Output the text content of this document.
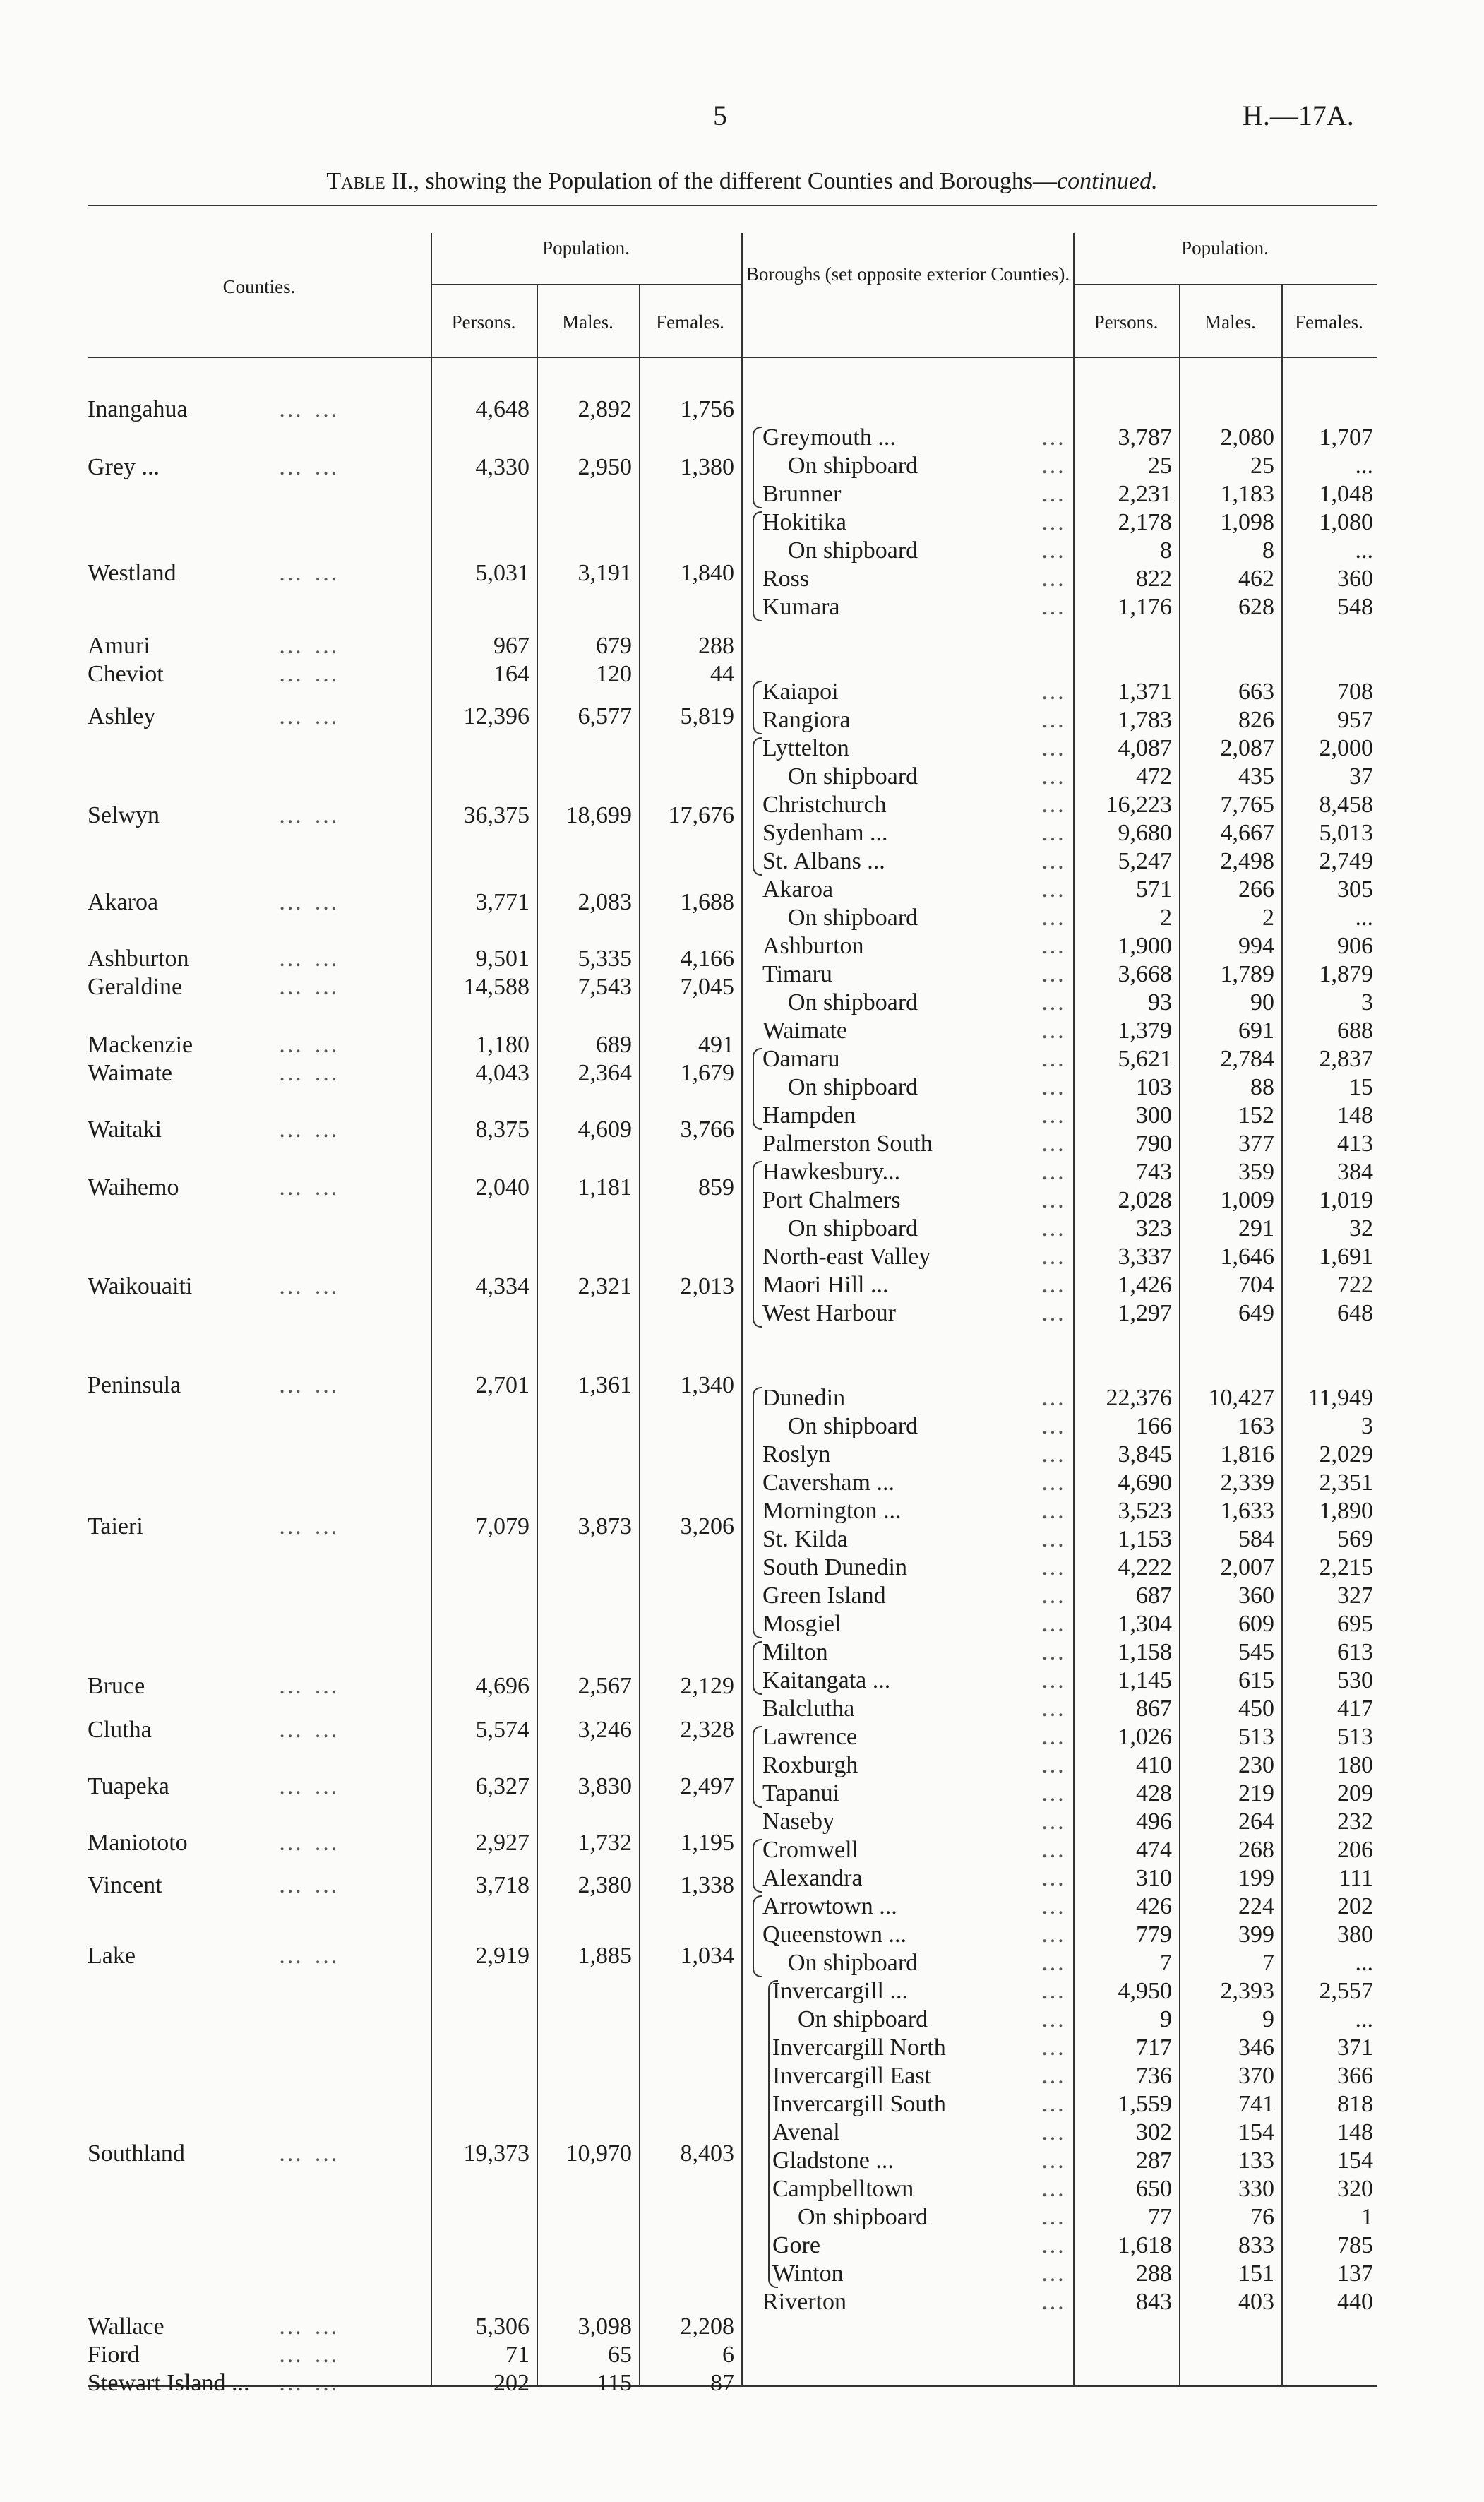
5	H.—17A.
Table II., showing the Population of the different Counties and Boroughs—continued.
Counties.
Population.
Persons.	Males.	Females.
Boroughs (set opposite exterior Counties).
Population.
Persons.	Males.	Females.
Inangahua	… …	4,648	2,892	1,756
Grey ...	… …	4,330	2,950	1,380
Westland	… …	5,031	3,191	1,840
Amuri	… …	967	679	288
Cheviot	… …	164	120	44
Ashley	… …	12,396	6,577	5,819
Selwyn	… …	36,375	18,699	17,676
Akaroa	… …	3,771	2,083	1,688
Ashburton	… …	9,501	5,335	4,166
Geraldine	… …	14,588	7,543	7,045
Mackenzie	… …	1,180	689	491
Waimate	… …	4,043	2,364	1,679
Waitaki	… …	8,375	4,609	3,766
Waihemo	… …	2,040	1,181	859
Waikouaiti	… …	4,334	2,321	2,013
Peninsula	… …	2,701	1,361	1,340
Taieri	… …	7,079	3,873	3,206
Bruce	… …	4,696	2,567	2,129
Clutha	… …	5,574	3,246	2,328
Tuapeka	… …	6,327	3,830	2,497
Maniototo	… …	2,927	1,732	1,195
Vincent	… …	3,718	2,380	1,338
Lake	… …	2,919	1,885	1,034
Southland	… …	19,373	10,970	8,403
Wallace	… …	5,306	3,098	2,208
Fiord	… …	71	65	6
Stewart Island ... … …	202	115	87
Greymouth ...	…	3,787	2,080	1,707
On shipboard	…	25	25	...
Brunner	…	2,231	1,183	1,048
Hokitika	…	2,178	1,098	1,080
On shipboard	…	8	8	...
Ross	…	822	462	360
Kumara	…	1,176	628	548
Kaiapoi	…	1,371	663	708
Rangiora	…	1,783	826	957
Lyttelton	…	4,087	2,087	2,000
On shipboard	…	472	435	37
Christchurch	…	16,223	7,765	8,458
Sydenham ...	…	9,680	4,667	5,013
St. Albans ...	…	5,247	2,498	2,749
Akaroa	…	571	266	305
On shipboard	…	2	2	...
Ashburton	…	1,900	994	906
Timaru	…	3,668	1,789	1,879
On shipboard	…	93	90	3
Waimate	…	1,379	691	688
Oamaru	…	5,621	2,784	2,837
On shipboard	…	103	88	15
Hampden	…	300	152	148
Palmerston South	…	790	377	413
Hawkesbury...	…	743	359	384
Port Chalmers	…	2,028	1,009	1,019
On shipboard	…	323	291	32
North-east Valley	…	3,337	1,646	1,691
Maori Hill ...	…	1,426	704	722
West Harbour	…	1,297	649	648
Dunedin	…	22,376	10,427	11,949
On shipboard	…	166	163	3
Roslyn	…	3,845	1,816	2,029
Caversham ...	…	4,690	2,339	2,351
Mornington ...	…	3,523	1,633	1,890
St. Kilda	…	1,153	584	569
South Dunedin	…	4,222	2,007	2,215
Green Island	…	687	360	327
Mosgiel	…	1,304	609	695
Milton	…	1,158	545	613
Kaitangata ...	…	1,145	615	530
Balclutha	…	867	450	417
Lawrence	…	1,026	513	513
Roxburgh	…	410	230	180
Tapanui	…	428	219	209
Naseby	…	496	264	232
Cromwell	…	474	268	206
Alexandra	…	310	199	111
Arrowtown ...	…	426	224	202
Queenstown ...	…	779	399	380
On shipboard	…	7	7	...
Invercargill ...	…	4,950	2,393	2,557
On shipboard	…	9	9	...
Invercargill North	…	717	346	371
Invercargill East	…	736	370	366
Invercargill South	…	1,559	741	818
Avenal	…	302	154	148
Gladstone ...	…	287	133	154
Campbelltown	…	650	330	320
On shipboard	…	77	76	1
Gore	…	1,618	833	785
Winton	…	288	151	137
Riverton	…	843	403	440
